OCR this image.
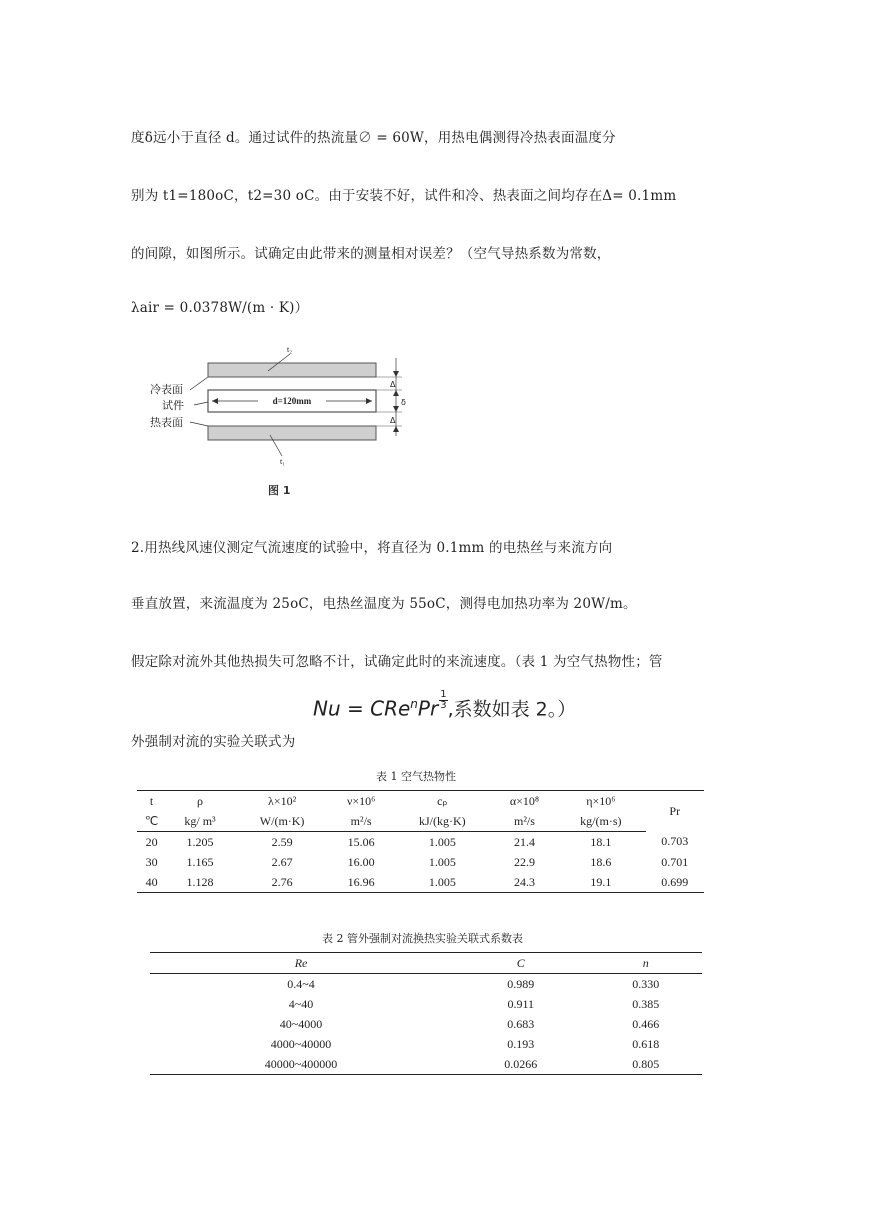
度δ远小于直径 d。通过试件的热流量∅ = 60W，用热电偶测得冷热表面温度分
别为 t1=180oC，t2=30 oC。由于安装不好，试件和冷、热表面之间均存在Δ= 0.1mm
的间隙，如图所示。试确定由此带来的测量相对误差？（空气导热系数为常数，
λair = 0.0378W/(m · K)）
d=120mm
t₂
t₁
冷表面
试件
热表面
Δ
δ
Δ
图 1
2.用热线风速仪测定气流速度的试验中，将直径为 0.1mm 的电热丝与来流方向
垂直放置，来流温度为 25oC，电热丝温度为 55oC，测得电加热功率为 20W/m。
假定除对流外其他热损失可忽略不计，试确定此时的来流速度。（表 1 为空气热物性；管
外强制对流的实验关联式为
$Nu = CRe^nPr \frac{1}{3}$ ,系数如表 2。）
表 1 空气热物性
t	ρ	λ×10²	ν×10⁶	cₚ	α×10⁸	η×10⁶	Pr
℃	kg/ m³	W/(m·K)	m²/s	kJ/(kg·K)	m²/s	kg/(m·s)	
20	1.205	2.59	15.06	1.005	21.4	18.1	0.703
30	1.165	2.67	16.00	1.005	22.9	18.6	0.701
40	1.128	2.76	16.96	1.005	24.3	19.1	0.699
表 2 管外强制对流换热实验关联式系数表
Re	C	n
0.4~4	0.989	0.330
4~40	0.911	0.385
40~4000	0.683	0.466
4000~40000	0.193	0.618
40000~400000	0.0266	0.805
